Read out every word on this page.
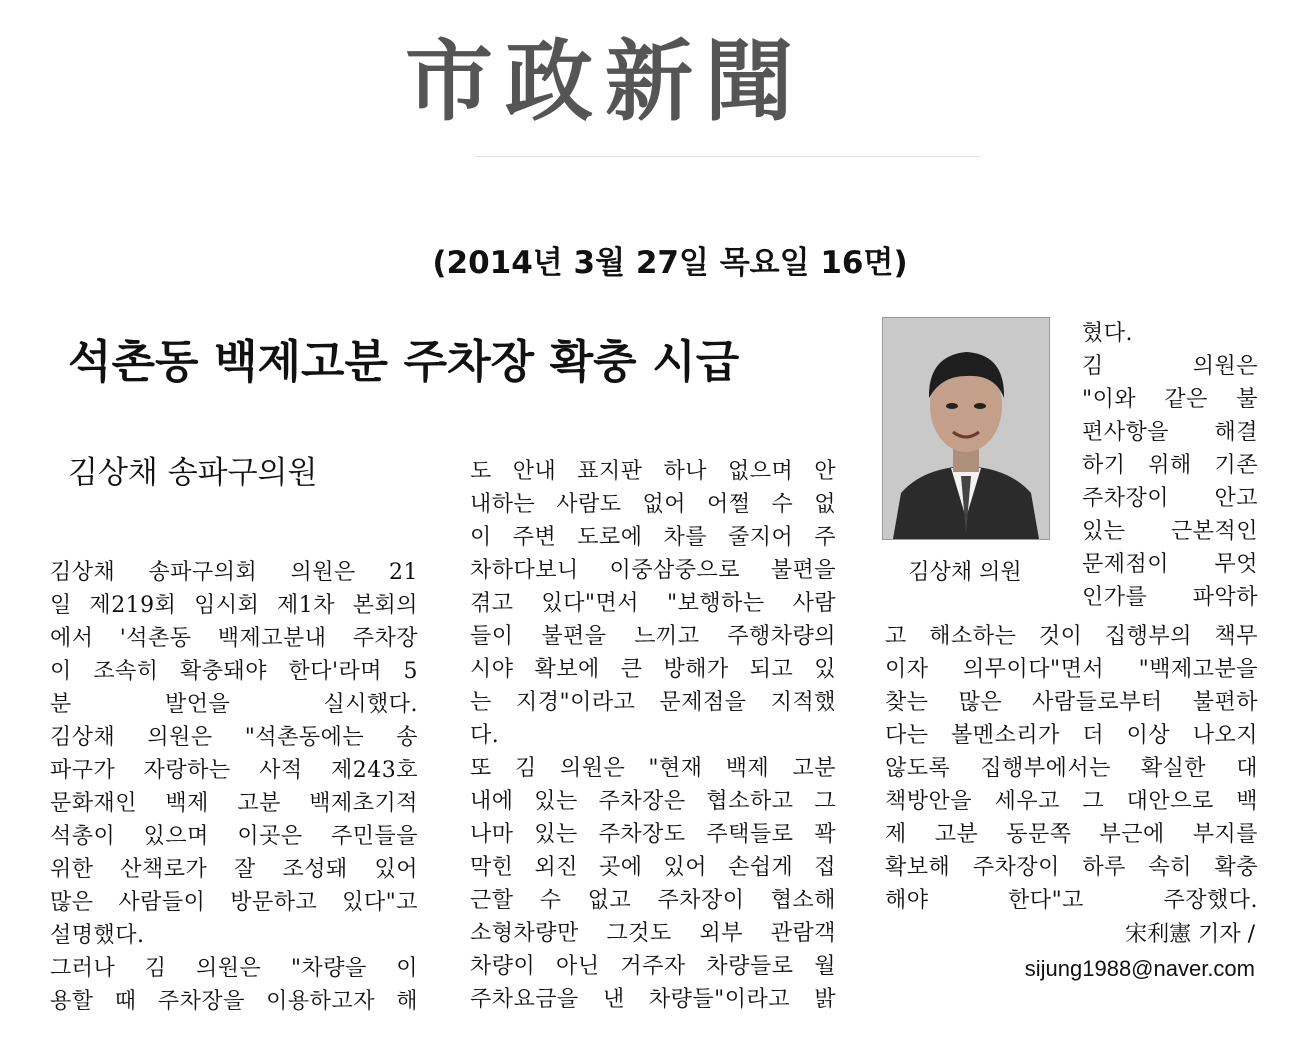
市政新聞
(2014년 3월 27일 목요일 16면)
석촌동 백제고분 주차장 확충 시급
김상채 송파구의원
김상채 송파구의회 의원은 21
일 제219회 임시회 제1차 본회의
에서 '석촌동 백제고분내 주차장
이 조속히 확충돼야 한다'라며 5
분 발언을 실시했다.
김상채 의원은 "석촌동에는 송
파구가 자랑하는 사적 제243호
문화재인 백제 고분 백제초기적
석총이 있으며 이곳은 주민들을
위한 산책로가 잘 조성돼 있어
많은 사람들이 방문하고 있다"고
설명했다.
그러나 김 의원은 "차량을 이
용할 때 주차장을 이용하고자 해
도 안내 표지판 하나 없으며 안
내하는 사람도 없어 어쩔 수 없
이 주변 도로에 차를 줄지어 주
차하다보니 이중삼중으로 불편을
겪고 있다"면서 "보행하는 사람
들이 불편을 느끼고 주행차량의
시야 확보에 큰 방해가 되고 있
는 지경"이라고 문제점을 지적했
다.
또 김 의원은 "현재 백제 고분
내에 있는 주차장은 협소하고 그
나마 있는 주차장도 주택들로 꽉
막힌 외진 곳에 있어 손쉽게 접
근할 수 없고 주차장이 협소해
소형차량만 그것도 외부 관람객
차량이 아닌 거주자 차량들로 월
주차요금을 낸 차량들"이라고 밝
혔다.
김 의원은
"이와 같은 불
편사항을 해결
하기 위해 기존
주차장이 안고
있는 근본적인
문제점이 무엇
인가를 파악하
고 해소하는 것이 집행부의 책무
이자 의무이다"면서 "백제고분을
찾는 많은 사람들로부터 불편하
다는 볼멘소리가 더 이상 나오지
않도록 집행부에서는 확실한 대
책방안을 세우고 그 대안으로 백
제 고분 동문쪽 부근에 부지를
확보해 주차장이 하루 속히 확충
해야 한다"고 주장했다.
김상채 의원
宋利憲 기자 /
sijung1988@naver.com
